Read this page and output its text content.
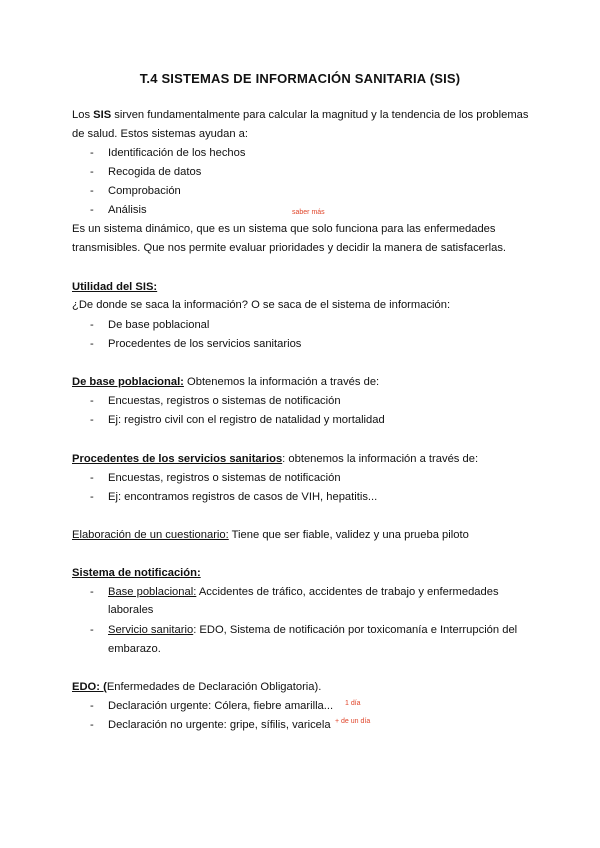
T.4 SISTEMAS DE INFORMACIÓN SANITARIA (SIS)
Los SIS sirven fundamentalmente para calcular la magnitud y la tendencia de los problemas
de salud. Estos sistemas ayudan a:
- Identificación de los hechos
- Recogida de datos
- Comprobación
- Análisis	saber más
Es un sistema dinámico, que es un sistema que solo funciona para las enfermedades
transmisibles. Que nos permite evaluar prioridades y decidir la manera de satisfacerlas.
Utilidad del SIS:
¿De donde se saca la información? O se saca de el sistema de información:
- De base poblacional
- Procedentes de los servicios sanitarios
De base poblacional: Obtenemos la información a través de:
- Encuestas, registros o sistemas de notificación
- Ej: registro civil con el registro de natalidad y mortalidad
Procedentes de los servicios sanitarios: obtenemos la información a través de:
- Encuestas, registros o sistemas de notificación
- Ej: encontramos registros de casos de VIH, hepatitis...
Elaboración de un cuestionario: Tiene que ser fiable, validez y una prueba piloto
Sistema de notificación:
- Base poblacional: Accidentes de tráfico, accidentes de trabajo y enfermedades
laborales
- Servicio sanitario: EDO, Sistema de notificación por toxicomanía e Interrupción del
embarazo.
EDO: (Enfermedades de Declaración Obligatoria).
- Declaración urgente: Cólera, fiebre amarilla... 1 día
- Declaración no urgente: gripe, sífilis, varicela + de un día
